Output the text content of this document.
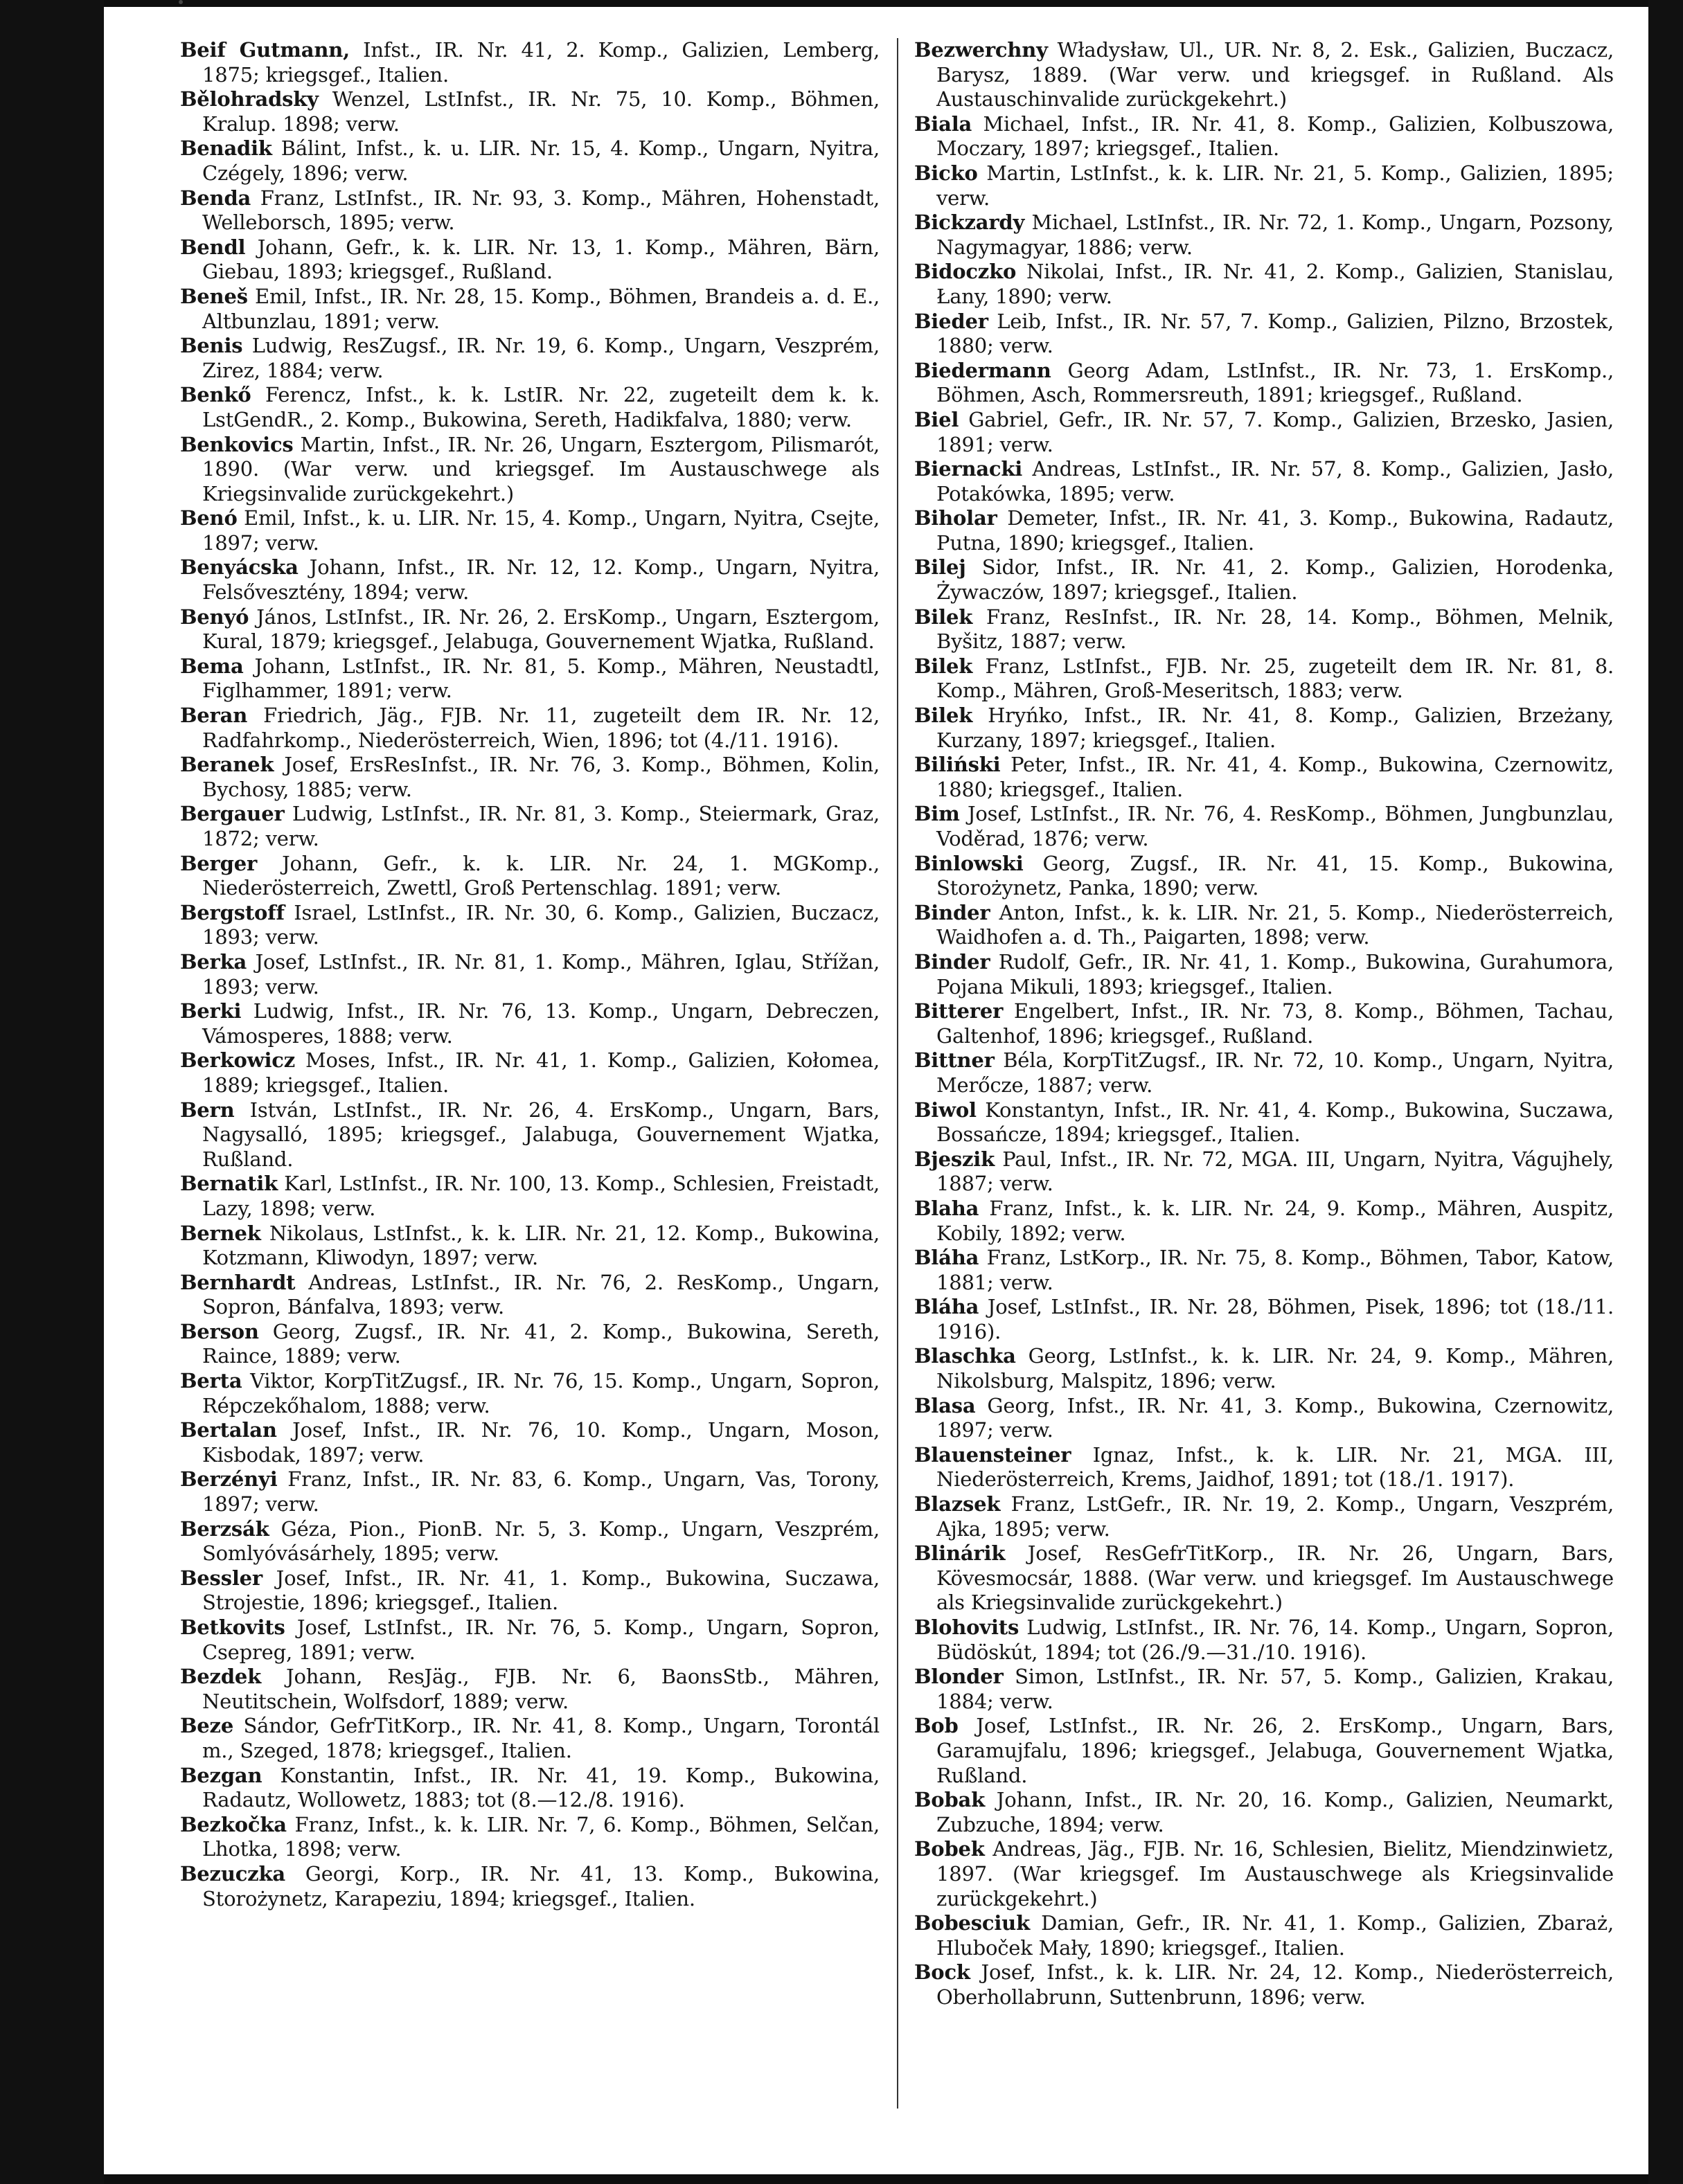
Beif Gutmann, Infst., IR. Nr. 41, 2. Komp., Galizien, Lemberg, 1875; kriegsgef., Italien.

Bělohradsky Wenzel, LstInfst., IR. Nr. 75, 10. Komp., Böhmen, Kralup. 1898; verw.

Benadik Bálint, Infst., k. u. LIR. Nr. 15, 4. Komp., Ungarn, Nyitra, Czégely, 1896; verw.

Benda Franz, LstInfst., IR. Nr. 93, 3. Komp., Mähren, Hohenstadt, Welleborsch, 1895; verw.

Bendl Johann, Gefr., k. k. LIR. Nr. 13, 1. Komp., Mähren, Bärn, Giebau, 1893; kriegsgef., Rußland.

Beneš Emil, Infst., IR. Nr. 28, 15. Komp., Böhmen, Brandeis a. d. E., Altbunzlau, 1891; verw.

Benis Ludwig, ResZugsf., IR. Nr. 19, 6. Komp., Ungarn, Veszprém, Zirez, 1884; verw.

Benkő Ferencz, Infst., k. k. LstIR. Nr. 22, zugeteilt dem k. k. LstGendR., 2. Komp., Bukowina, Sereth, Hadikfalva, 1880; verw.

Benkovics Martin, Infst., IR. Nr. 26, Ungarn, Esztergom, Pilismarót, 1890. (War verw. und kriegsgef. Im Austauschwege als Kriegsinvalide zurückgekehrt.)

Benó Emil, Infst., k. u. LIR. Nr. 15, 4. Komp., Ungarn, Nyitra, Csejte, 1897; verw.

Benyácska Johann, Infst., IR. Nr. 12, 12. Komp., Ungarn, Nyitra, Felsővesztény, 1894; verw.

Benyó János, LstInfst., IR. Nr. 26, 2. ErsKomp., Ungarn, Esztergom, Kural, 1879; kriegsgef., Jelabuga, Gouvernement Wjatka, Rußland.

Bema Johann, LstInfst., IR. Nr. 81, 5. Komp., Mähren, Neustadtl, Figlhammer, 1891; verw.

Beran Friedrich, Jäg., FJB. Nr. 11, zugeteilt dem IR. Nr. 12, Radfahrkomp., Niederösterreich, Wien, 1896; tot (4./11. 1916).

Beranek Josef, ErsResInfst., IR. Nr. 76, 3. Komp., Böhmen, Kolin, Bychosy, 1885; verw.

Bergauer Ludwig, LstInfst., IR. Nr. 81, 3. Komp., Steiermark, Graz, 1872; verw.

Berger Johann, Gefr., k. k. LIR. Nr. 24, 1. MGKomp., Niederösterreich, Zwettl, Groß Pertenschlag. 1891; verw.

Bergstoff Israel, LstInfst., IR. Nr. 30, 6. Komp., Galizien, Buczacz, 1893; verw.

Berka Josef, LstInfst., IR. Nr. 81, 1. Komp., Mähren, Iglau, Střížan, 1893; verw.

Berki Ludwig, Infst., IR. Nr. 76, 13. Komp., Ungarn, Debreczen, Vámosperes, 1888; verw.

Berkowicz Moses, Infst., IR. Nr. 41, 1. Komp., Galizien, Kołomea, 1889; kriegsgef., Italien.

Bern István, LstInfst., IR. Nr. 26, 4. ErsKomp., Ungarn, Bars, Nagysalló, 1895; kriegsgef., Jalabuga, Gouvernement Wjatka, Rußland.

Bernatik Karl, LstInfst., IR. Nr. 100, 13. Komp., Schlesien, Freistadt, Lazy, 1898; verw.

Bernek Nikolaus, LstInfst., k. k. LIR. Nr. 21, 12. Komp., Bukowina, Kotzmann, Kliwodyn, 1897; verw.

Bernhardt Andreas, LstInfst., IR. Nr. 76, 2. ResKomp., Ungarn, Sopron, Bánfalva, 1893; verw.

Berson Georg, Zugsf., IR. Nr. 41, 2. Komp., Bukowina, Sereth, Raince, 1889; verw.

Berta Viktor, KorpTitZugsf., IR. Nr. 76, 15. Komp., Ungarn, Sopron, Répczekőhalom, 1888; verw.

Bertalan Josef, Infst., IR. Nr. 76, 10. Komp., Ungarn, Moson, Kisbodak, 1897; verw.

Berzényi Franz, Infst., IR. Nr. 83, 6. Komp., Ungarn, Vas, Torony, 1897; verw.

Berzsák Géza, Pion., PionB. Nr. 5, 3. Komp., Ungarn, Veszprém, Somlyóvásárhely, 1895; verw.

Bessler Josef, Infst., IR. Nr. 41, 1. Komp., Bukowina, Suczawa, Strojestie, 1896; kriegsgef., Italien.

Betkovits Josef, LstInfst., IR. Nr. 76, 5. Komp., Ungarn, Sopron, Csepreg, 1891; verw.

Bezdek Johann, ResJäg., FJB. Nr. 6, BaonsStb., Mähren, Neutitschein, Wolfsdorf, 1889; verw.

Beze Sándor, GefrTitKorp., IR. Nr. 41, 8. Komp., Ungarn, Torontál m., Szeged, 1878; kriegsgef., Italien.

Bezgan Konstantin, Infst., IR. Nr. 41, 19. Komp., Bukowina, Radautz, Wollowetz, 1883; tot (8.—12./8. 1916).

Bezkočka Franz, Infst., k. k. LIR. Nr. 7, 6. Komp., Böhmen, Selčan, Lhotka, 1898; verw.

Bezuczka Georgi, Korp., IR. Nr. 41, 13. Komp., Bukowina, Storożynetz, Karapeziu, 1894; kriegsgef., Italien.

Bezwerchny Władysław, Ul., UR. Nr. 8, 2. Esk., Galizien, Buczacz, Barysz, 1889. (War verw. und kriegsgef. in Rußland. Als Austauschinvalide zurückgekehrt.)

Biala Michael, Infst., IR. Nr. 41, 8. Komp., Galizien, Kolbuszowa, Moczary, 1897; kriegsgef., Italien.

Bicko Martin, LstInfst., k. k. LIR. Nr. 21, 5. Komp., Galizien, 1895; verw.

Bickzardy Michael, LstInfst., IR. Nr. 72, 1. Komp., Ungarn, Pozsony, Nagymagyar, 1886; verw.

Bidoczko Nikolai, Infst., IR. Nr. 41, 2. Komp., Galizien, Stanislau, Łany, 1890; verw.

Bieder Leib, Infst., IR. Nr. 57, 7. Komp., Galizien, Pilzno, Brzostek, 1880; verw.

Biedermann Georg Adam, LstInfst., IR. Nr. 73, 1. ErsKomp., Böhmen, Asch, Rommersreuth, 1891; kriegsgef., Rußland.

Biel Gabriel, Gefr., IR. Nr. 57, 7. Komp., Galizien, Brzesko, Jasien, 1891; verw.

Biernacki Andreas, LstInfst., IR. Nr. 57, 8. Komp., Galizien, Jasło, Potakówka, 1895; verw.

Biholar Demeter, Infst., IR. Nr. 41, 3. Komp., Bukowina, Radautz, Putna, 1890; kriegsgef., Italien.

Bilej Sidor, Infst., IR. Nr. 41, 2. Komp., Galizien, Horodenka, Żywaczów, 1897; kriegsgef., Italien.

Bilek Franz, ResInfst., IR. Nr. 28, 14. Komp., Böhmen, Melnik, Byšitz, 1887; verw.

Bilek Franz, LstInfst., FJB. Nr. 25, zugeteilt dem IR. Nr. 81, 8. Komp., Mähren, Groß-Meseritsch, 1883; verw.

Bilek Hryńko, Infst., IR. Nr. 41, 8. Komp., Galizien, Brzeżany, Kurzany, 1897; kriegsgef., Italien.

Biliński Peter, Infst., IR. Nr. 41, 4. Komp., Bukowina, Czernowitz, 1880; kriegsgef., Italien.

Bim Josef, LstInfst., IR. Nr. 76, 4. ResKomp., Böhmen, Jungbunzlau, Voděrad, 1876; verw.

Binlowski Georg, Zugsf., IR. Nr. 41, 15. Komp., Bukowina, Storożynetz, Panka, 1890; verw.

Binder Anton, Infst., k. k. LIR. Nr. 21, 5. Komp., Niederösterreich, Waidhofen a. d. Th., Paigarten, 1898; verw.

Binder Rudolf, Gefr., IR. Nr. 41, 1. Komp., Bukowina, Gurahumora, Pojana Mikuli, 1893; kriegsgef., Italien.

Bitterer Engelbert, Infst., IR. Nr. 73, 8. Komp., Böhmen, Tachau, Galtenhof, 1896; kriegsgef., Rußland.

Bittner Béla, KorpTitZugsf., IR. Nr. 72, 10. Komp., Ungarn, Nyitra, Merőcze, 1887; verw.

Biwol Konstantyn, Infst., IR. Nr. 41, 4. Komp., Bukowina, Suczawa, Bossańcze, 1894; kriegsgef., Italien.

Bjeszik Paul, Infst., IR. Nr. 72, MGA. III, Ungarn, Nyitra, Vágujhely, 1887; verw.

Blaha Franz, Infst., k. k. LIR. Nr. 24, 9. Komp., Mähren, Auspitz, Kobily, 1892; verw.

Bláha Franz, LstKorp., IR. Nr. 75, 8. Komp., Böhmen, Tabor, Katow, 1881; verw.

Bláha Josef, LstInfst., IR. Nr. 28, Böhmen, Pisek, 1896; tot (18./11. 1916).

Blaschka Georg, LstInfst., k. k. LIR. Nr. 24, 9. Komp., Mähren, Nikolsburg, Malspitz, 1896; verw.

Blasa Georg, Infst., IR. Nr. 41, 3. Komp., Bukowina, Czernowitz, 1897; verw.

Blauensteiner Ignaz, Infst., k. k. LIR. Nr. 21, MGA. III, Niederösterreich, Krems, Jaidhof, 1891; tot (18./1. 1917).

Blazsek Franz, LstGefr., IR. Nr. 19, 2. Komp., Ungarn, Veszprém, Ajka, 1895; verw.

Blinárik Josef, ResGefrTitKorp., IR. Nr. 26, Ungarn, Bars, Kövesmocsár, 1888. (War verw. und kriegsgef. Im Austauschwege als Kriegsinvalide zurückgekehrt.)

Blohovits Ludwig, LstInfst., IR. Nr. 76, 14. Komp., Ungarn, Sopron, Büdöskút, 1894; tot (26./9.—31./10. 1916).

Blonder Simon, LstInfst., IR. Nr. 57, 5. Komp., Galizien, Krakau, 1884; verw.

Bob Josef, LstInfst., IR. Nr. 26, 2. ErsKomp., Ungarn, Bars, Garamujfalu, 1896; kriegsgef., Jelabuga, Gouvernement Wjatka, Rußland.

Bobak Johann, Infst., IR. Nr. 20, 16. Komp., Galizien, Neumarkt, Zubzuche, 1894; verw.

Bobek Andreas, Jäg., FJB. Nr. 16, Schlesien, Bielitz, Miendzinwietz, 1897. (War kriegsgef. Im Austauschwege als Kriegsinvalide zurückgekehrt.)

Bobesciuk Damian, Gefr., IR. Nr. 41, 1. Komp., Galizien, Zbaraż, Hluboček Mały, 1890; kriegsgef., Italien.

Bock Josef, Infst., k. k. LIR. Nr. 24, 12. Komp., Niederösterreich, Oberhollabrunn, Suttenbrunn, 1896; verw.
